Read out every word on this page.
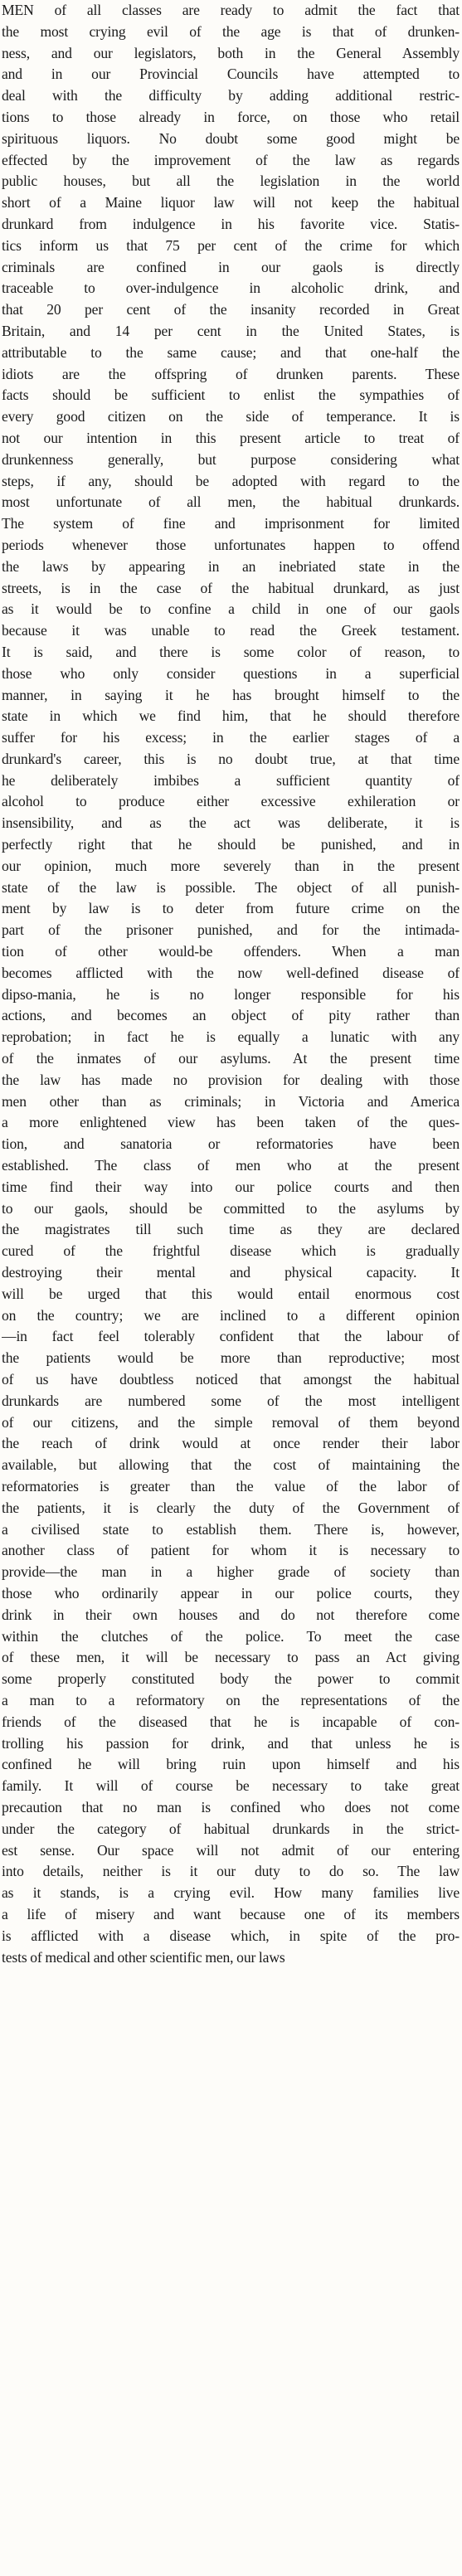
MEN of all classes are ready to admit the fact that
the most crying evil of the age is that of drunken-
ness, and our legislators, both in the General Assembly
and in our Provincial Councils have attempted to
deal with the difficulty by adding additional restric-
tions to those already in force, on those who retail
spirituous liquors. No doubt some good might be
effected by the improvement of the law as regards
public houses, but all the legislation in the world
short of a Maine liquor law will not keep the habitual
drunkard from indulgence in his favorite vice. Statis-
tics inform us that 75 per cent of the crime for which
criminals are confined in our gaols is directly
traceable to over-indulgence in alcoholic drink, and
that 20 per cent of the insanity recorded in Great
Britain, and 14 per cent in the United States, is
attributable to the same cause; and that one-half the
idiots are the offspring of drunken parents. These
facts should be sufficient to enlist the sympathies of
every good citizen on the side of temperance. It is
not our intention in this present article to treat of
drunkenness generally, but purpose considering what
steps, if any, should be adopted with regard to the
most unfortunate of all men, the habitual drunkards.
The system of fine and imprisonment for limited
periods whenever those unfortunates happen to offend
the laws by appearing in an inebriated state in the
streets, is in the case of the habitual drunkard, as just
as it would be to confine a child in one of our gaols
because it was unable to read the Greek testament.
It is said, and there is some color of reason, to
those who only consider questions in a superficial
manner, in saying it he has brought himself to the
state in which we find him, that he should therefore
suffer for his excess; in the earlier stages of a
drunkard's career, this is no doubt true, at that time
he deliberately imbibes a sufficient quantity of
alcohol to produce either excessive exhileration or
insensibility, and as the act was deliberate, it is
perfectly right that he should be punished, and in
our opinion, much more severely than in the present
state of the law is possible. The object of all punish-
ment by law is to deter from future crime on the
part of the prisoner punished, and for the intimada-
tion of other would-be offenders. When a man
becomes afflicted with the now well-defined disease of
dipso-mania, he is no longer responsible for his
actions, and becomes an object of pity rather than
reprobation; in fact he is equally a lunatic with any
of the inmates of our asylums. At the present time
the law has made no provision for dealing with those
men other than as criminals; in Victoria and America
a more enlightened view has been taken of the ques-
tion, and sanatoria or reformatories have been
established. The class of men who at the present
time find their way into our police courts and then
to our gaols, should be committed to the asylums by
the magistrates till such time as they are declared
cured of the frightful disease which is gradually
destroying their mental and physical capacity. It
will be urged that this would entail enormous cost
on the country; we are inclined to a different opinion
—in fact feel tolerably confident that the labour of
the patients would be more than reproductive; most
of us have doubtless noticed that amongst the habitual
drunkards are numbered some of the most intelligent
of our citizens, and the simple removal of them beyond
the reach of drink would at once render their labor
available, but allowing that the cost of maintaining the
reformatories is greater than the value of the labor of
the patients, it is clearly the duty of the Government of
a civilised state to establish them. There is, however,
another class of patient for whom it is necessary to
provide—the man in a higher grade of society than
those who ordinarily appear in our police courts, they
drink in their own houses and do not therefore come
within the clutches of the police. To meet the case
of these men, it will be necessary to pass an Act giving
some properly constituted body the power to commit
a man to a reformatory on the representations of the
friends of the diseased that he is incapable of con-
trolling his passion for drink, and that unless he is
confined he will bring ruin upon himself and his
family. It will of course be necessary to take great
precaution that no man is confined who does not come
under the category of habitual drunkards in the strict-
est sense. Our space will not admit of our entering
into details, neither is it our duty to do so. The law
as it stands, is a crying evil. How many families live
a life of misery and want because one of its members
is afflicted with a disease which, in spite of the pro-
tests of medical and other scientific men, our laws
